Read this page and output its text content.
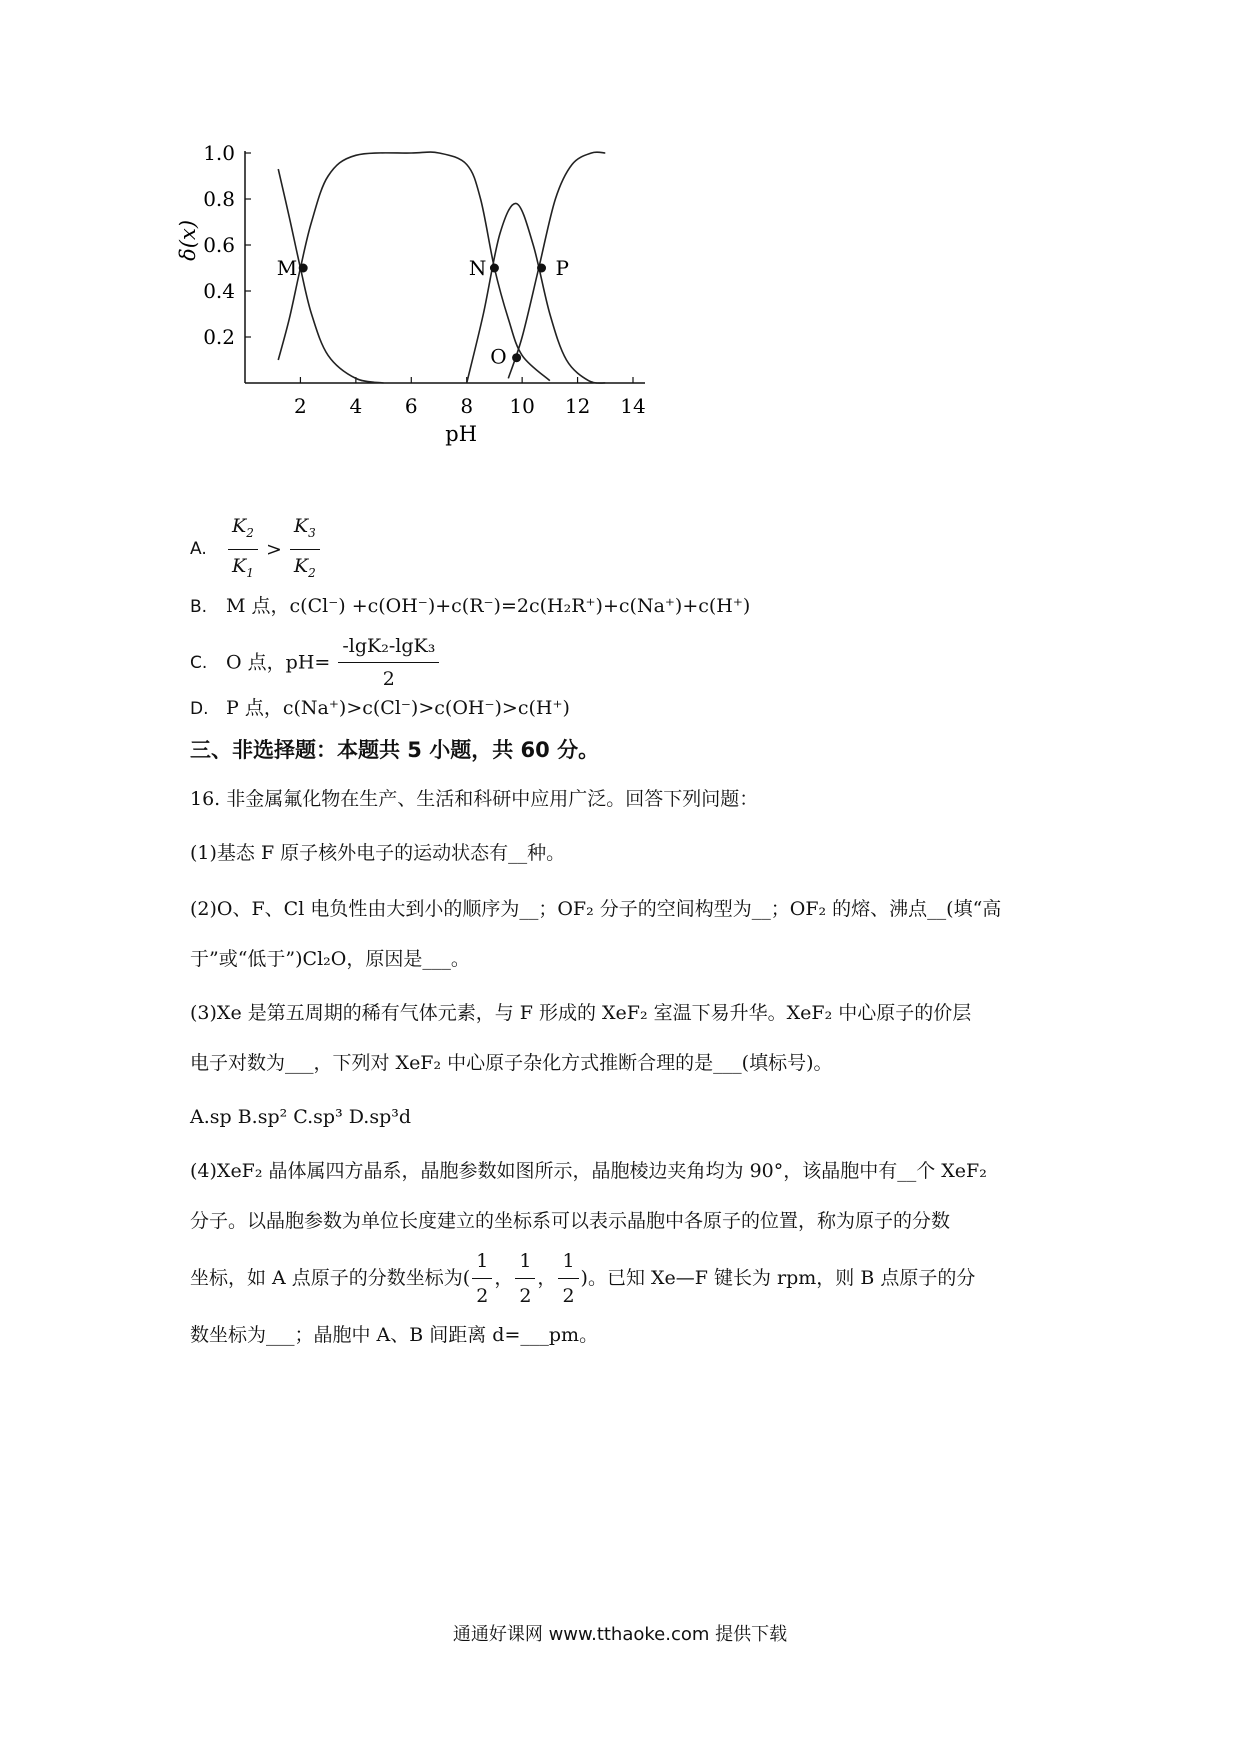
2 4 6 8 10 12 14
0.2
0.4
0.6
0.8
1.0
pH
δ(x)
M	N
O
P
A. $\frac{K_2}{K_1} > \frac{K_3}{K_2}$
B. M 点，c(Cl⁻) +c(OH⁻)+c(R⁻)=2c(H₂R⁺)+c(Na⁺)+c(H⁺)
C. O 点，$pH= \frac{\text{-lgK₂-lgK₃}}{2}$
D. P 点，c(Na⁺)>c(Cl⁻)>c(OH⁻)>c(H⁺)
三、非选择题：本题共 5 小题，共 60 分。
16. 非金属氟化物在生产、生活和科研中应用广泛。回答下列问题：
(1)基态 F 原子核外电子的运动状态有__种。
(2)O、F、Cl 电负性由大到小的顺序为__；OF₂ 分子的空间构型为__；OF₂ 的熔、沸点__(填“高
于”或“低于”)Cl₂O，原因是___。
(3)Xe 是第五周期的稀有气体元素，与 F 形成的 XeF₂ 室温下易升华。XeF₂ 中心原子的价层
电子对数为___，下列对 XeF₂ 中心原子杂化方式推断合理的是___(填标号)。
A.sp B.sp² C.sp³ D.sp³d
(4)XeF₂ 晶体属四方晶系，晶胞参数如图所示，晶胞棱边夹角均为 90°，该晶胞中有__个 XeF₂
分子。以晶胞参数为单位长度建立的坐标系可以表示晶胞中各原子的位置，称为原子的分数
坐标，如 A 点原子的分数坐标为( $\frac{1}{2}$ ， $\frac{1}{2}$ ， $\frac{1}{2}$ )。已知 Xe—F 键长为 rpm，则 B 点原子的分
数坐标为___；晶胞中 A、B 间距离 d=___pm。
通通好课网 www.tthaoke.com 提供下载
